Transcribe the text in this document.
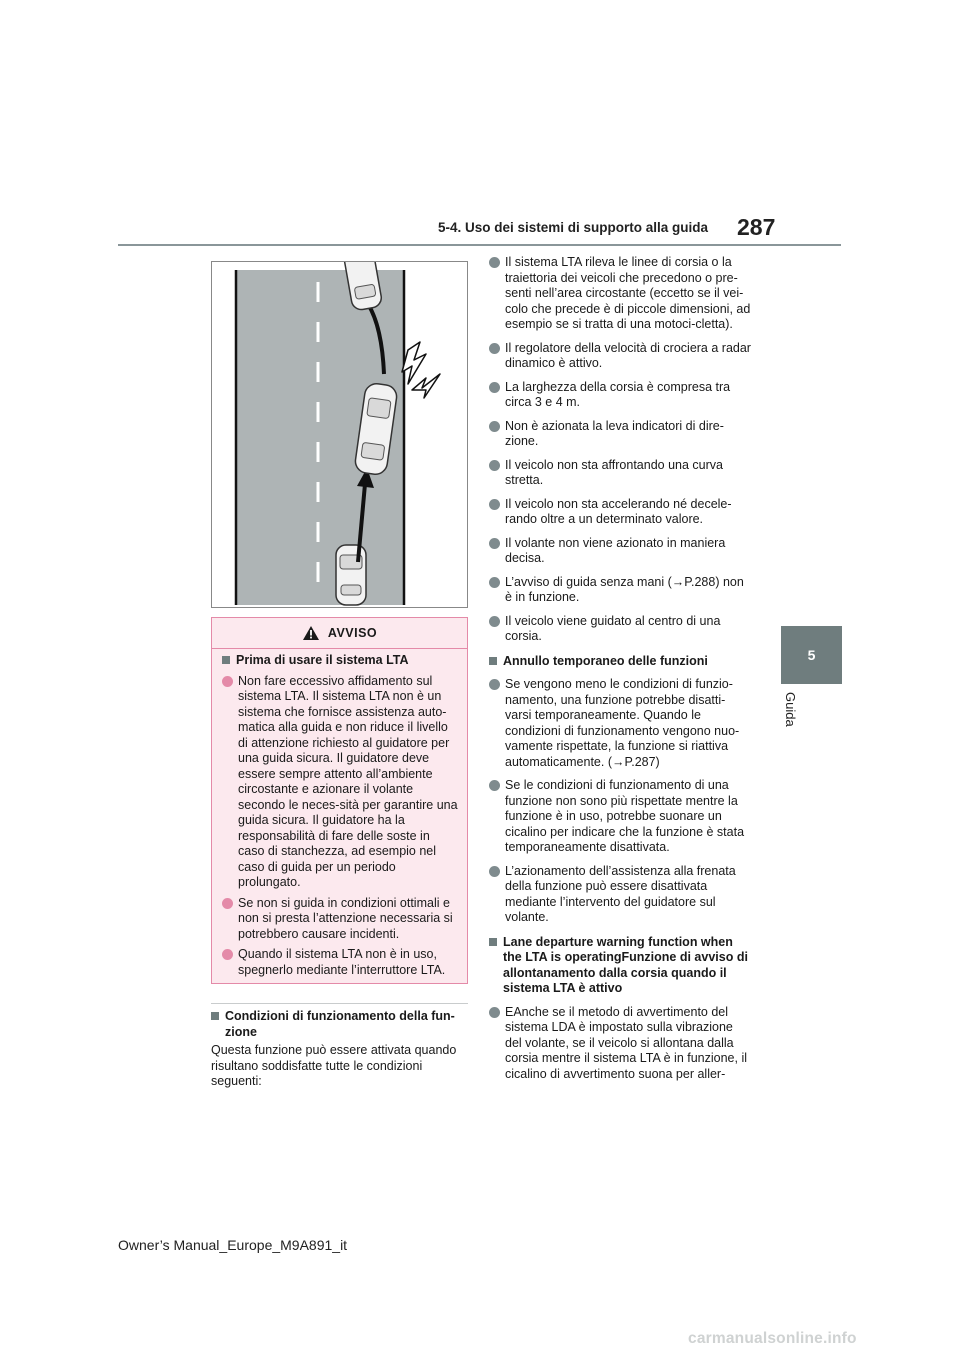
5-4. Uso dei sistemi di supporto alla guida 287
5
Guida
AVVISO

Prima di usare il sistema LTA

Non fare eccessivo affidamento sul sistema LTA. Il sistema LTA non è un sistema che fornisce assistenza auto-matica alla guida e non riduce il livello di attenzione richiesto al guidatore per una guida sicura. Il guidatore deve essere sempre attento all’ambiente circostante e azionare il volante secondo le neces-sità per garantire una guida sicura. Il guidatore ha la responsabilità di fare delle soste in caso di stanchezza, ad esempio nel caso di guida per un periodo prolungato.

Se non si guida in condizioni ottimali e non si presta l’attenzione necessaria si potrebbero causare incidenti.

Quando il sistema LTA non è in uso, spegnerlo mediante l’interruttore LTA.

Condizioni di funzionamento della fun-zione

Questa funzione può essere attivata quando risultano soddisfatte tutte le condizioni seguenti:

Il sistema LTA rileva le linee di corsia o la traiettoria dei veicoli che precedono o pre-senti nell’area circostante (eccetto se il vei-colo che precede è di piccole dimensioni, ad esempio se si tratta di una motoci-cletta).

Il regolatore della velocità di crociera a radar dinamico è attivo.

La larghezza della corsia è compresa tra circa 3 e 4 m.

Non è azionata la leva indicatori di dire-zione.

Il veicolo non sta affrontando una curva stretta.

Il veicolo non sta accelerando né decele-rando oltre a un determinato valore.

Il volante non viene azionato in maniera decisa.

L’avviso di guida senza mani (→P.288) non è in funzione.

Il veicolo viene guidato al centro di una corsia.

Annullo temporaneo delle funzioni

Se vengono meno le condizioni di funzio-namento, una funzione potrebbe disatti-varsi temporaneamente. Quando le condizioni di funzionamento vengono nuo-vamente rispettate, la funzione si riattiva automaticamente. (→P.287)

Se le condizioni di funzionamento di una funzione non sono più rispettate mentre la funzione è in uso, potrebbe suonare un cicalino per indicare che la funzione è stata temporaneamente disattivata.

L’azionamento dell’assistenza alla frenata della funzione può essere disattivata mediante l’intervento del guidatore sul volante.

Lane departure warning function when the LTA is operatingFunzione di avviso di allontanamento dalla corsia quando il sistema LTA è attivo

EAnche se il metodo di avvertimento del sistema LDA è impostato sulla vibrazione del volante, se il veicolo si allontana dalla corsia mentre il sistema LTA è in funzione, il cicalino di avvertimento suona per aller-

Owner’s Manual_Europe_M9A891_it
carmanualsonline.info
